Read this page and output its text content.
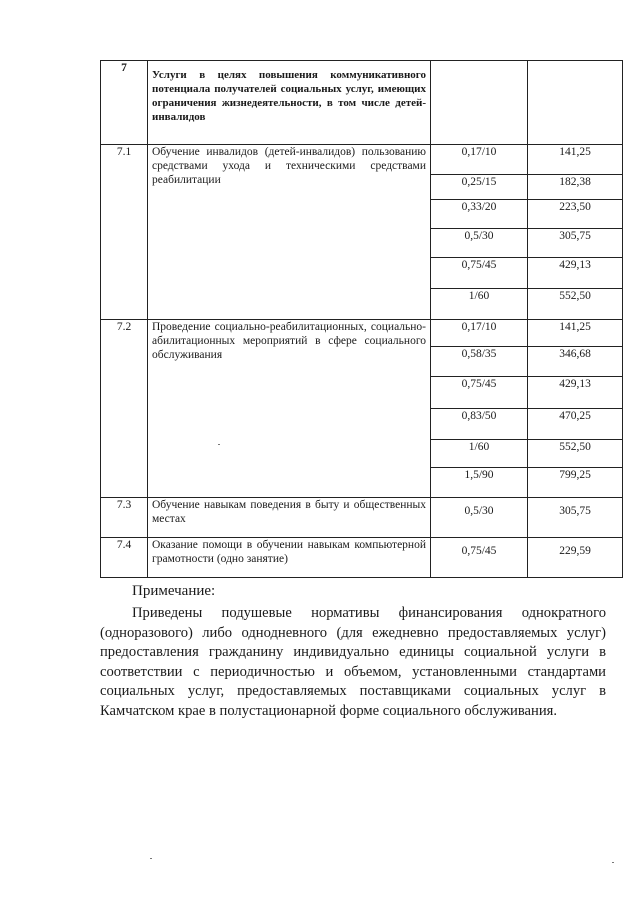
7	Услуги в целях повышения коммуникативного потенциала получателей социальных услуг, имеющих ограничения жизнедеятельности, в том числе детей-инвалидов		
7.1	Обучение инвалидов (детей-инвалидов) пользованию средствами ухода и техническими средствами реабилитации	0,17/10	141,25
		0,25/15	182,38
		0,33/20	223,50
		0,5/30	305,75
		0,75/45	429,13
		1/60	552,50
7.2	Проведение социально-реабилитационных, социально-абилитационных мероприятий в сфере социального обслуживания	0,17/10	141,25
		0,58/35	346,68
		0,75/45	429,13
		0,83/50	470,25
		1/60	552,50
		1,5/90	799,25
7.3	Обучение навыкам поведения в быту и общественных местах	0,5/30	305,75
7.4	Оказание помощи в обучении навыкам компьютерной грамотности (одно занятие)	0,75/45	229,59
Примечание:
Приведены подушевые нормативы финансирования однократного (одноразового) либо однодневного (для ежедневно предоставляемых услуг) предоставления гражданину индивидуально единицы социальной услуги в соответствии с периодичностью и объемом, установленными стандартами социальных услуг, предоставляемых поставщиками социальных услуг в Камчатском крае в полустационарной форме социального обслуживания.
